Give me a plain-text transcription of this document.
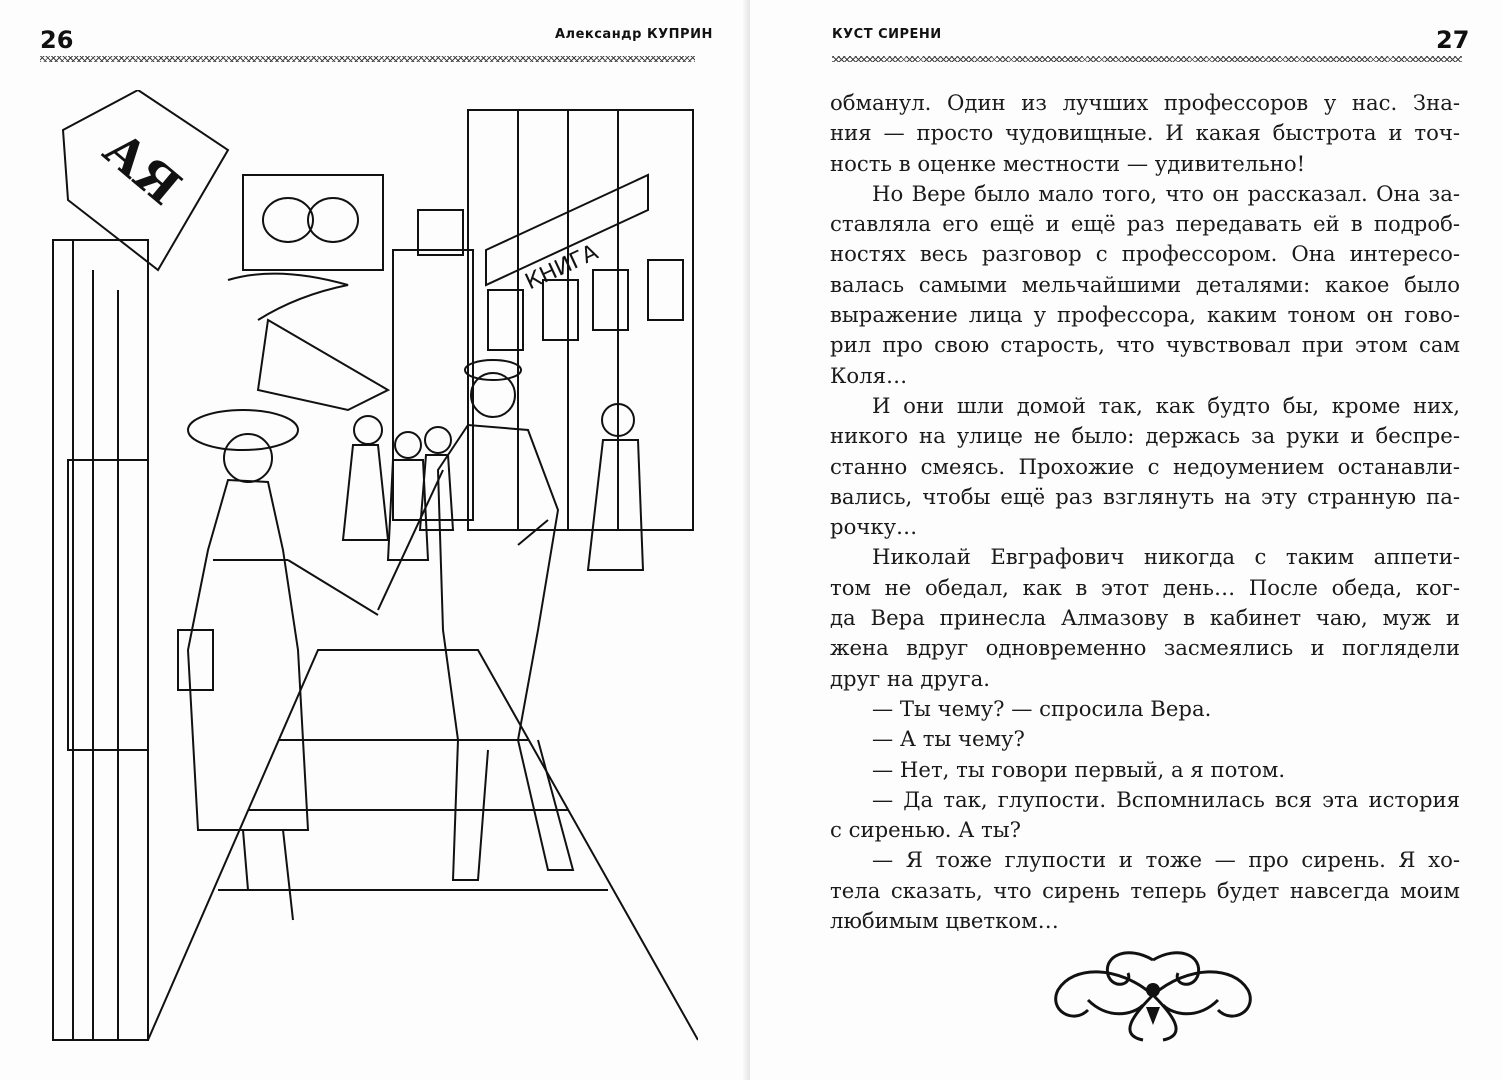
26	Александр КУПРИН
АЯ
КНИГА
КУСТ СИРЕНИ	27
обманул. Один из лучших профессоров у нас. Зна-
ния — просто чудовищные. И какая быстрота и точ-
ность в оценке местности — удивительно!
Но Вере было мало того, что он рассказал. Она за-
ставляла его ещё и ещё раз передавать ей в подроб-
ностях весь разговор с профессором. Она интересо-
валась самыми мельчайшими деталями: какое было
выражение лица у профессора, каким тоном он гово-
рил про свою старость, что чувствовал при этом сам
Коля…
И они шли домой так, как будто бы, кроме них,
никого на улице не было: держась за руки и беспре-
станно смеясь. Прохожие с недоумением останавли-
вались, чтобы ещё раз взглянуть на эту странную па-
рочку…
Николай Евграфович никогда с таким аппети-
том не обедал, как в этот день… После обеда, ког-
да Вера принесла Алмазову в кабинет чаю, муж и
жена вдруг одновременно засмеялись и поглядели
друг на друга.
— Ты чему? — спросила Вера.
— А ты чему?
— Нет, ты говори первый, а я потом.
— Да так, глупости. Вспомнилась вся эта история
с сиренью. А ты?
— Я тоже глупости и тоже — про сирень. Я хо-
тела сказать, что сирень теперь будет навсегда моим
любимым цветком…
